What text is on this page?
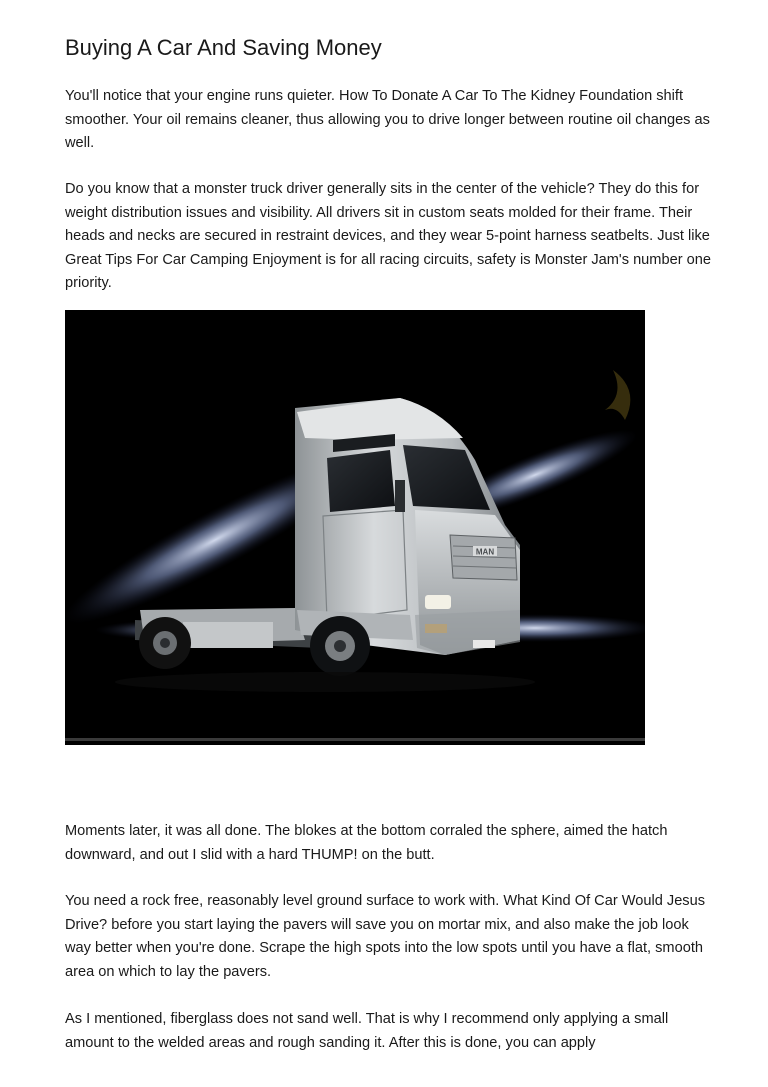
Buying A Car And Saving Money

You'll notice that your engine runs quieter. How To Donate A Car To The Kidney Foundation shift smoother. Your oil remains cleaner, thus allowing you to drive longer between routine oil changes as well.

Do you know that a monster truck driver generally sits in the center of the vehicle? They do this for weight distribution issues and visibility. All drivers sit in custom seats molded for their frame. Their heads and necks are secured in restraint devices, and they wear 5-point harness seatbelts. Just like Great Tips For Car Camping Enjoyment is for all racing circuits, safety is Monster Jam's number one priority.

MAN

Moments later, it was all done. The blokes at the bottom corraled the sphere, aimed the hatch downward, and out I slid with a hard THUMP! on the butt.

You need a rock free, reasonably level ground surface to work with. What Kind Of Car Would Jesus Drive? before you start laying the pavers will save you on mortar mix, and also make the job look way better when you're done. Scrape the high spots into the low spots until you have a flat, smooth area on which to lay the pavers.

As I mentioned, fiberglass does not sand well. That is why I recommend only applying a small amount to the welded areas and rough sanding it. After this is done, you can apply
